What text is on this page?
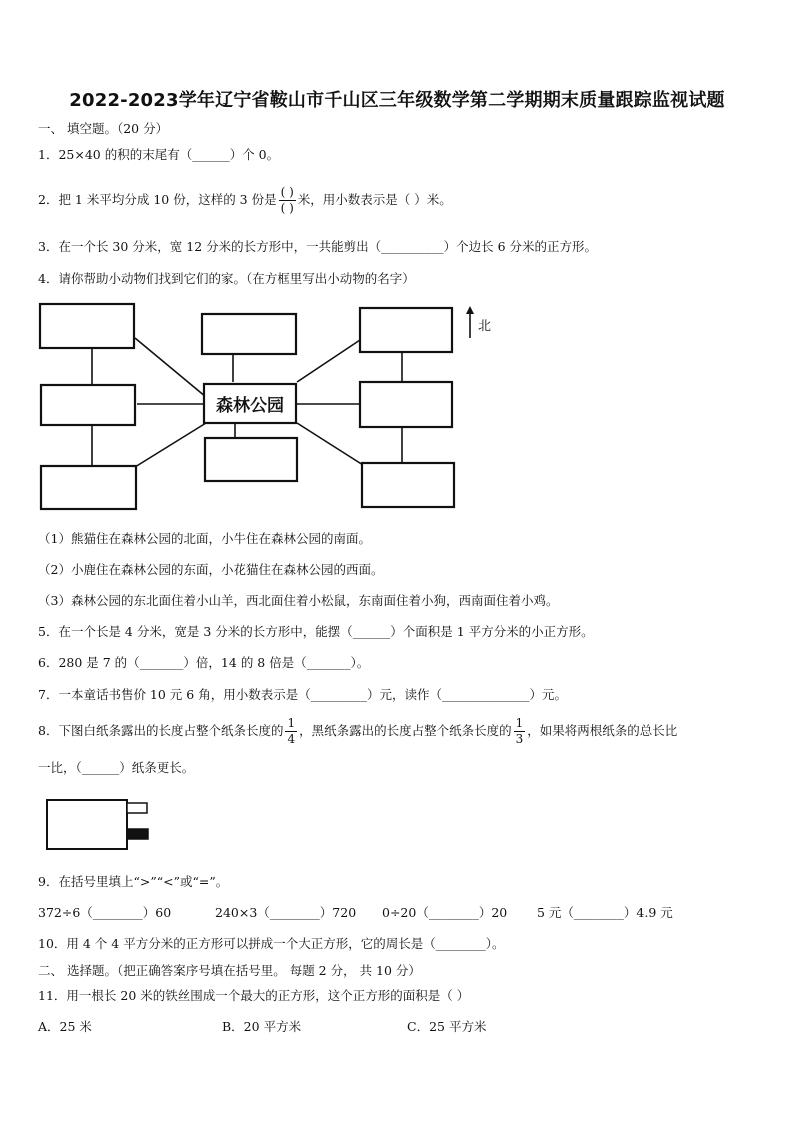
2022-2023学年辽宁省鞍山市千山区三年级数学第二学期期末质量跟踪监视试题
一、 填空题。（20 分）
1．25×40 的积的末尾有（______）个 0。
2．把 1 米平均分成 10 份，这样的 3 份是 $\frac{( )}{( )}$ 米，用小数表示是（ ）米。
3．在一个长 30 分米，宽 12 分米的长方形中，一共能剪出（__________）个边长 6 分米的正方形。
4．请你帮助小动物们找到它们的家。（在方框里写出小动物的名字）
森林公园
北
（1）熊猫住在森林公园的北面，小牛住在森林公园的南面。
（2）小鹿住在森林公园的东面，小花猫住在森林公园的西面。
（3）森林公园的东北面住着小山羊，西北面住着小松鼠，东南面住着小狗，西南面住着小鸡。
5．在一个长是 4 分米，宽是 3 分米的长方形中，能摆（______）个面积是 1 平方分米的小正方形。
6．280 是 7 的（_______）倍，14 的 8 倍是（_______）。
7．一本童话书售价 10 元 6 角，用小数表示是（_________）元，读作（______________）元。
8．下图白纸条露出的长度占整个纸条长度的 $\frac{1}{4}$ ，黑纸条露出的长度占整个纸条长度的 $\frac{1}{3}$ ，如果将两根纸条的总长比
一比，（______）纸条更长。
9．在括号里填上“>”“<”或“=”。
372÷6（________）60	240×3（________）720 0÷20（________）20 5 元（________）4.9 元
10．用 4 个 4 平方分米的正方形可以拼成一个大正方形，它的周长是（________）。
二、 选择题。（把正确答案序号填在括号里。 每题 2 分， 共 10 分）
11．用一根长 20 米的铁丝围成一个最大的正方形，这个正方形的面积是（ ）
A．25 米	B．20 平方米	C．25 平方米
